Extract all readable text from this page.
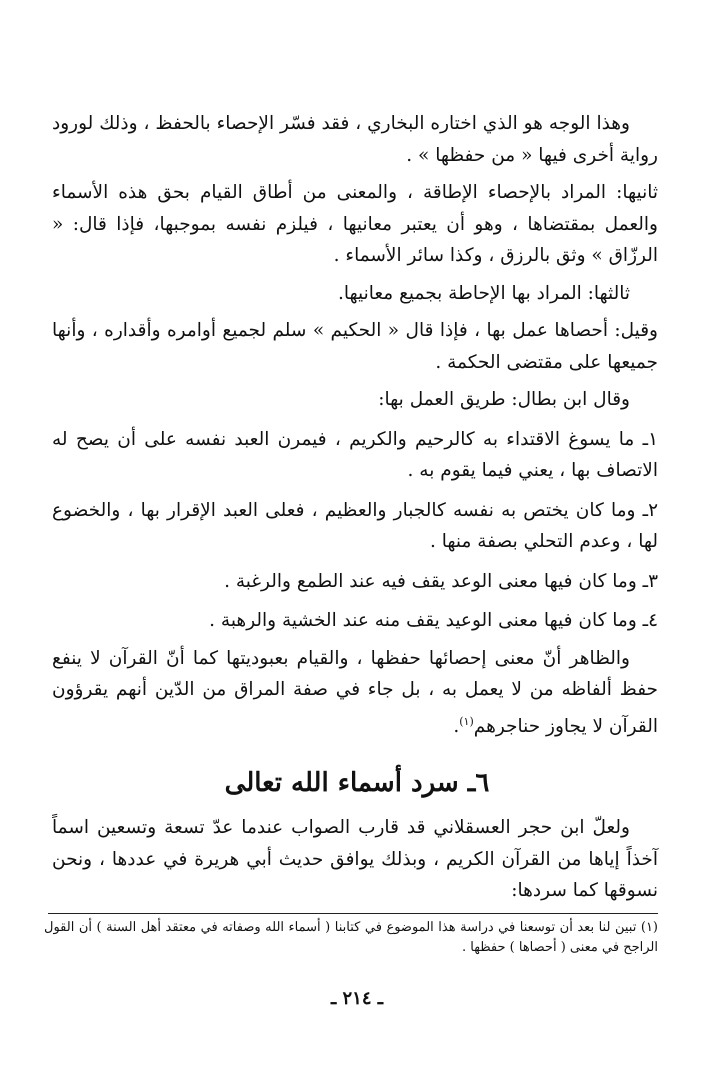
وهذا الوجه هو الذي اختاره البخاري ، فقد فسّر الإحصاء بالحفظ ، وذلك لورود رواية أخرى فيها « من حفظها » .

ثانيها: المراد بالإحصاء الإطاقة ، والمعنى من أطاق القيام بحق هذه الأسماء والعمل بمقتضاها ، وهو أن يعتبر معانيها ، فيلزم نفسه بموجبها، فإذا قال: « الرزّاق » وثق بالرزق ، وكذا سائر الأسماء .

ثالثها: المراد بها الإحاطة بجميع معانيها.

وقيل: أحصاها عمل بها ، فإذا قال « الحكيم » سلم لجميع أوامره وأقداره ، وأنها جميعها على مقتضى الحكمة .

وقال ابن بطال: طريق العمل بها:

١ـ ما يسوغ الاقتداء به كالرحيم والكريم ، فيمرن العبد نفسه على أن يصح له الاتصاف بها ، يعني فيما يقوم به .

٢ـ وما كان يختص به نفسه كالجبار والعظيم ، فعلى العبد الإقرار بها ، والخضوع لها ، وعدم التحلي بصفة منها .

٣ـ وما كان فيها معنى الوعد يقف فيه عند الطمع والرغبة .

٤ـ وما كان فيها معنى الوعيد يقف منه عند الخشية والرهبة .

والظاهر أنّ معنى إحصائها حفظها ، والقيام بعبوديتها كما أنّ القرآن لا ينفع حفظ ألفاظه من لا يعمل به ، بل جاء في صفة المراق من الدّين أنهم يقرؤون القرآن لا يجاوز حناجرهم$^{(١)}$.

٦ـ سرد أسماء الله تعالى

ولعلّ ابن حجر العسقلاني قد قارب الصواب عندما عدّ تسعة وتسعين اسماً آخذاً إياها من القرآن الكريم ، وبذلك يوافق حديث أبي هريرة في عددها ، ونحن نسوقها كما سردها:

(١) تبين لنا بعد أن توسعنا في دراسة هذا الموضوع في كتابنا ( أسماء الله وصفاته في معتقد أهل السنة ) أن القول الراجح في معنى ( أحصاها ) حفظها .
ـ ٢١٤ ـ
